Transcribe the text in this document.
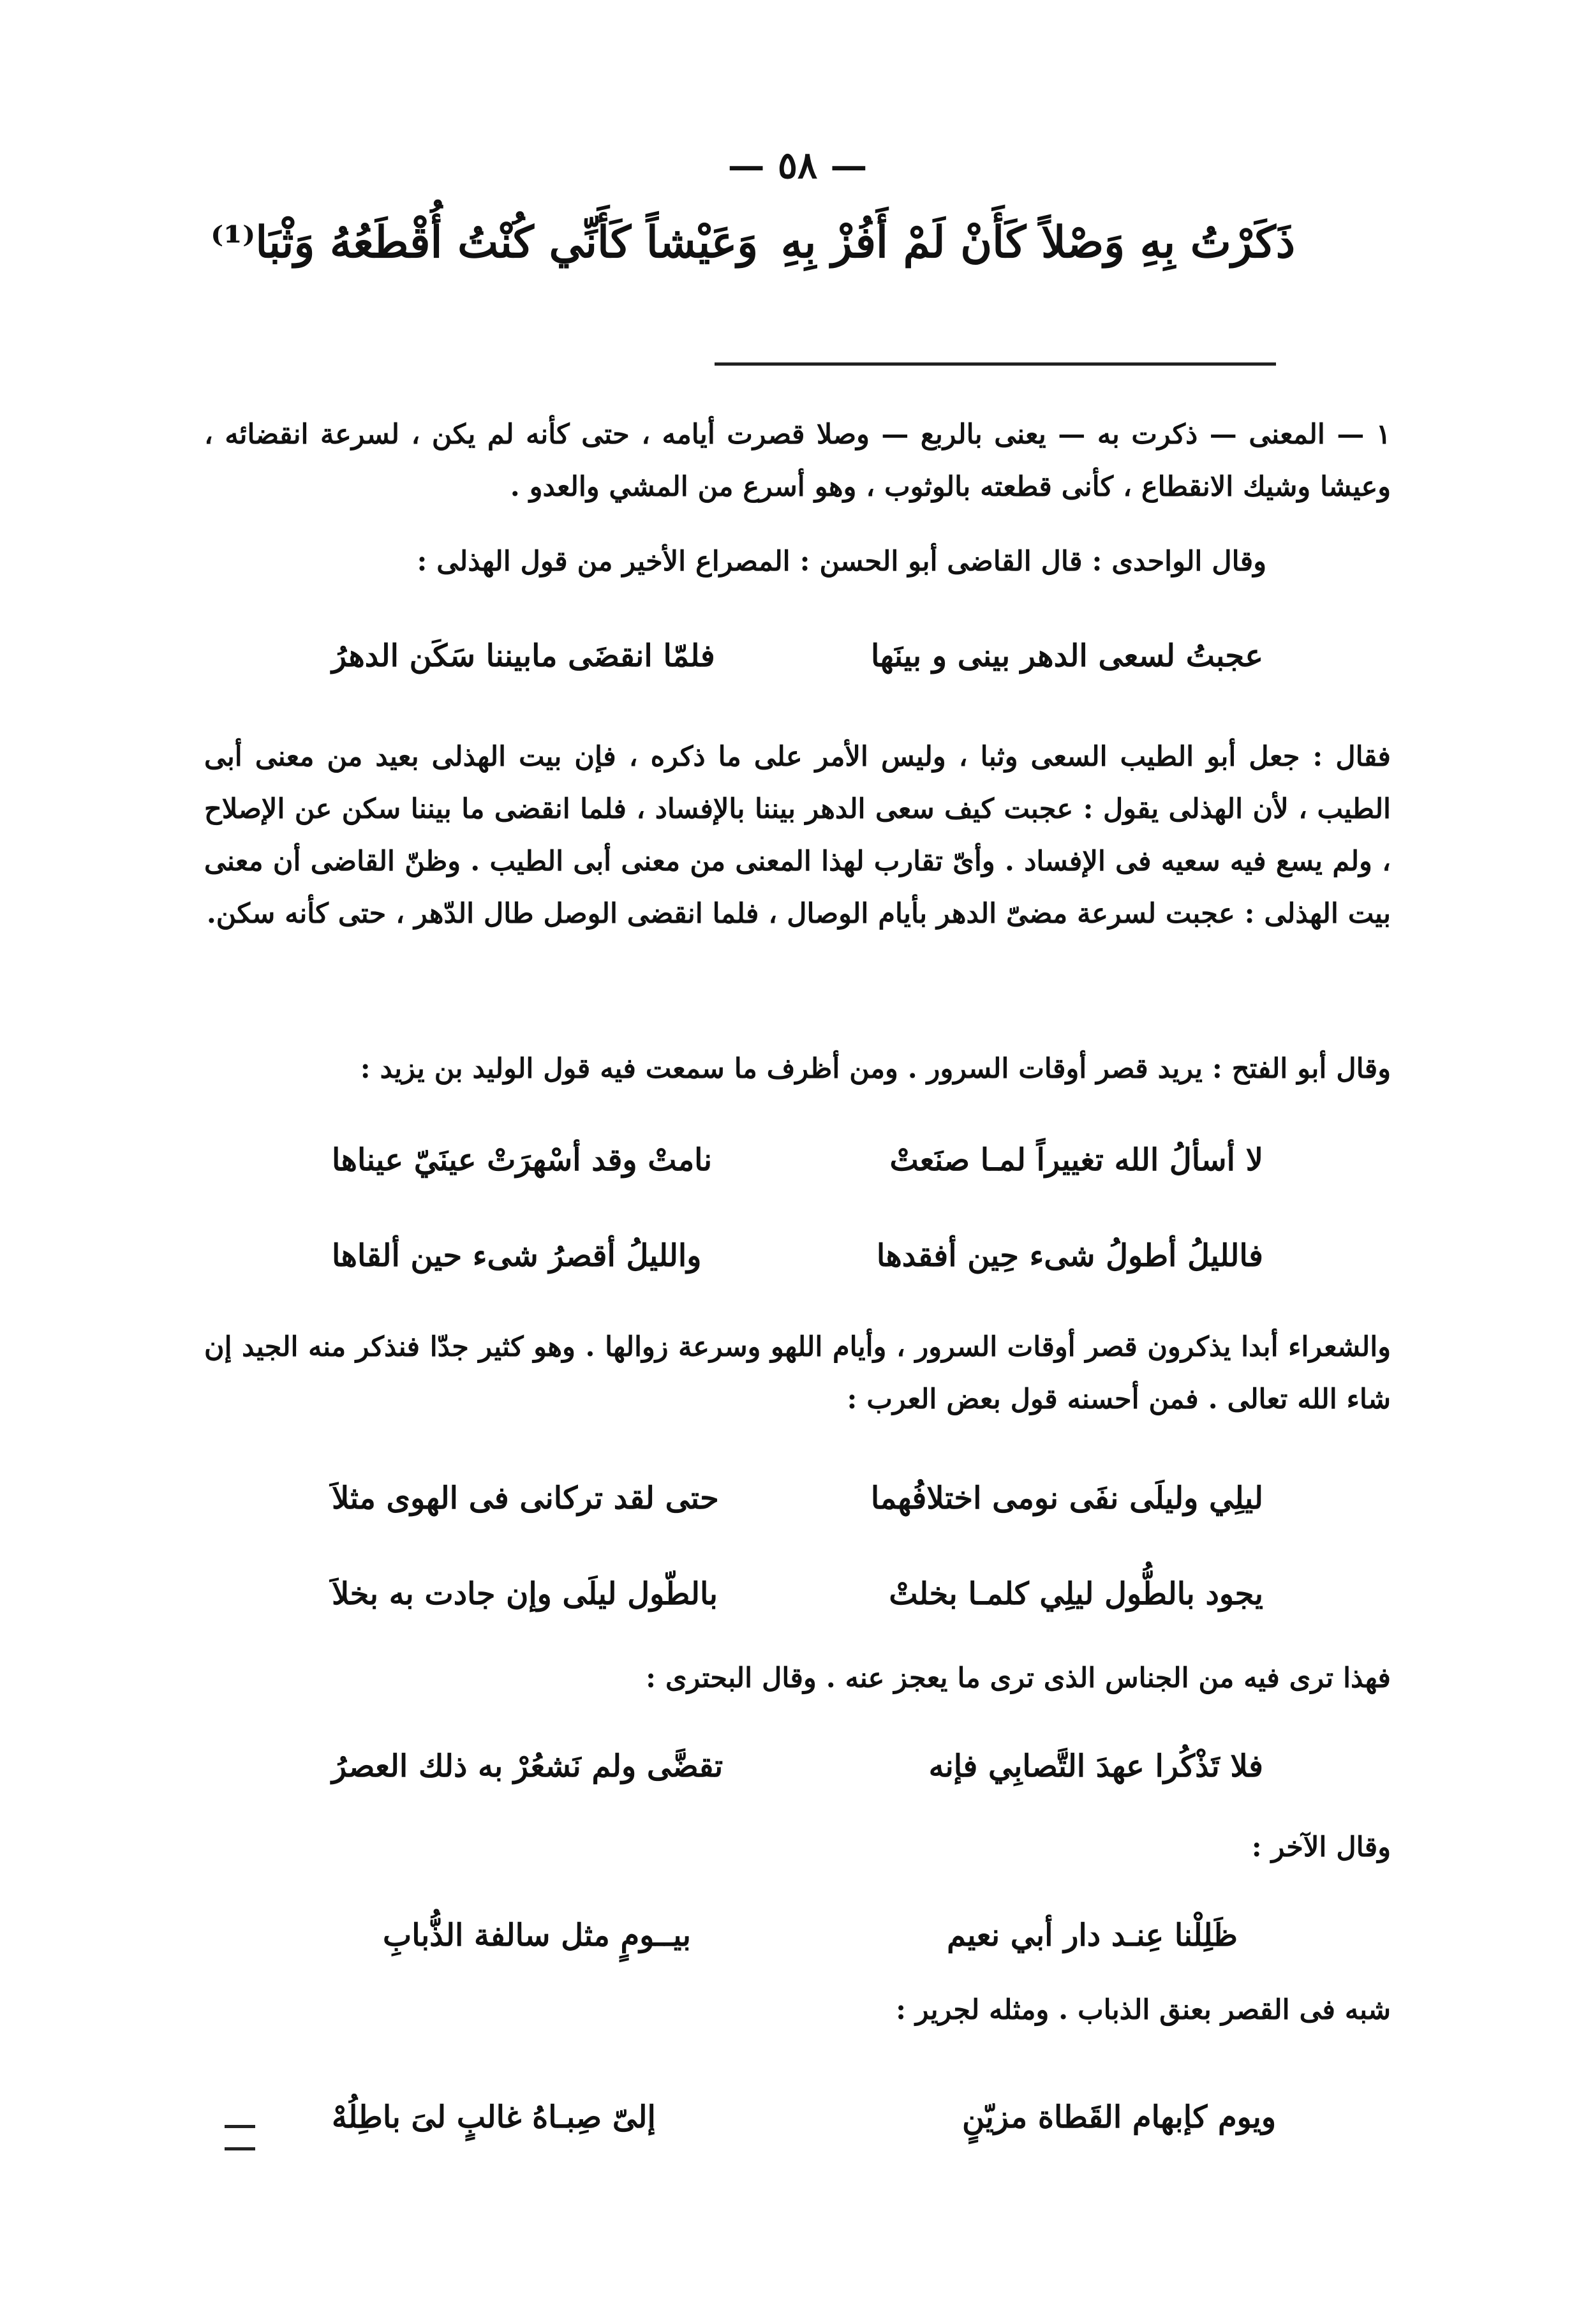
— ٥٨ —
ذَكَرْتُ بِهِ وَصْلاً كَأَنْ لَمْ أَفُزْ بِهِ
وَعَيْشاً كَأَنِّي كُنْتُ أُقْطَعُهُ وَثْبَا⁽¹⁾
١ — المعنى — ذكرت به — يعنى بالربع — وصلا قصرت أيامه ، حتى كأنه لم يكن ، لسرعة انقضائه ، وعيشا وشيك الانقطاع ، كأنى قطعته بالوثوب ، وهو أسرع من المشي والعدو .
وقال الواحدى : قال القاضى أبو الحسن : المصراع الأخير من قول الهذلى :
عجبتُ لسعى الدهر بينى و بينَها
فلمّا انقضَى مابيننا سَكَن الدهرُ
فقال : جعل أبو الطيب السعى وثبا ، وليس الأمر على ما ذكره ، فإن بيت الهذلى بعيد من معنى أبى الطيب ، لأن الهذلى يقول : عجبت كيف سعى الدهر بيننا بالإفساد ، فلما انقضى ما بيننا سكن عن الإصلاح ، ولم يسع فيه سعيه فى الإفساد . وأىّ تقارب لهذا المعنى من معنى أبى الطيب . وظنّ القاضى أن معنى بيت الهذلى : عجبت لسرعة مضىّ الدهر بأيام الوصال ، فلما انقضى الوصل طال الدّهر ، حتى كأنه سكن.
وقال أبو الفتح : يريد قصر أوقات السرور . ومن أظرف ما سمعت فيه قول الوليد بن يزيد :
لا أسألُ الله تغييراً لمـا صنَعتْ
نامتْ وقد أسْهرَتْ عينَيّ عيناها
فالليلُ أطولُ شىء حِين أفقدها
والليلُ أقصرُ شىء حين ألقاها
والشعراء أبدا يذكرون قصر أوقات السرور ، وأيام اللهو وسرعة زوالها . وهو كثير جدّا فنذكر منه الجيد إن شاء الله تعالى . فمن أحسنه قول بعض العرب :
ليلِي وليلَى نفَى نومى اختلافُهما
حتى لقد تركانى فى الهوى مثلاَ
يجود بالطُّول ليلِي كلمـا بخلتْ
بالطّول ليلَى وإن جادت به بخلاَ
فهذا ترى فيه من الجناس الذى ترى ما يعجز عنه . وقال البحترى :
فلا تَذْكُرا عهدَ التَّصابِي فإنه
تقضَّى ولم نَشعُرْ به ذلك العصرُ
وقال الآخر :
ظَلِلْنا عِنـد دار أبي نعيم
بيــومٍ مثل سالفة الذُّبابِ
شبه فى القصر بعنق الذباب . ومثله لجرير :
ويوم كإبهام القَطاة مزيّنٍ
إلىّ صِبـاهُ غالبٍ لىَ باطِلُهْ
